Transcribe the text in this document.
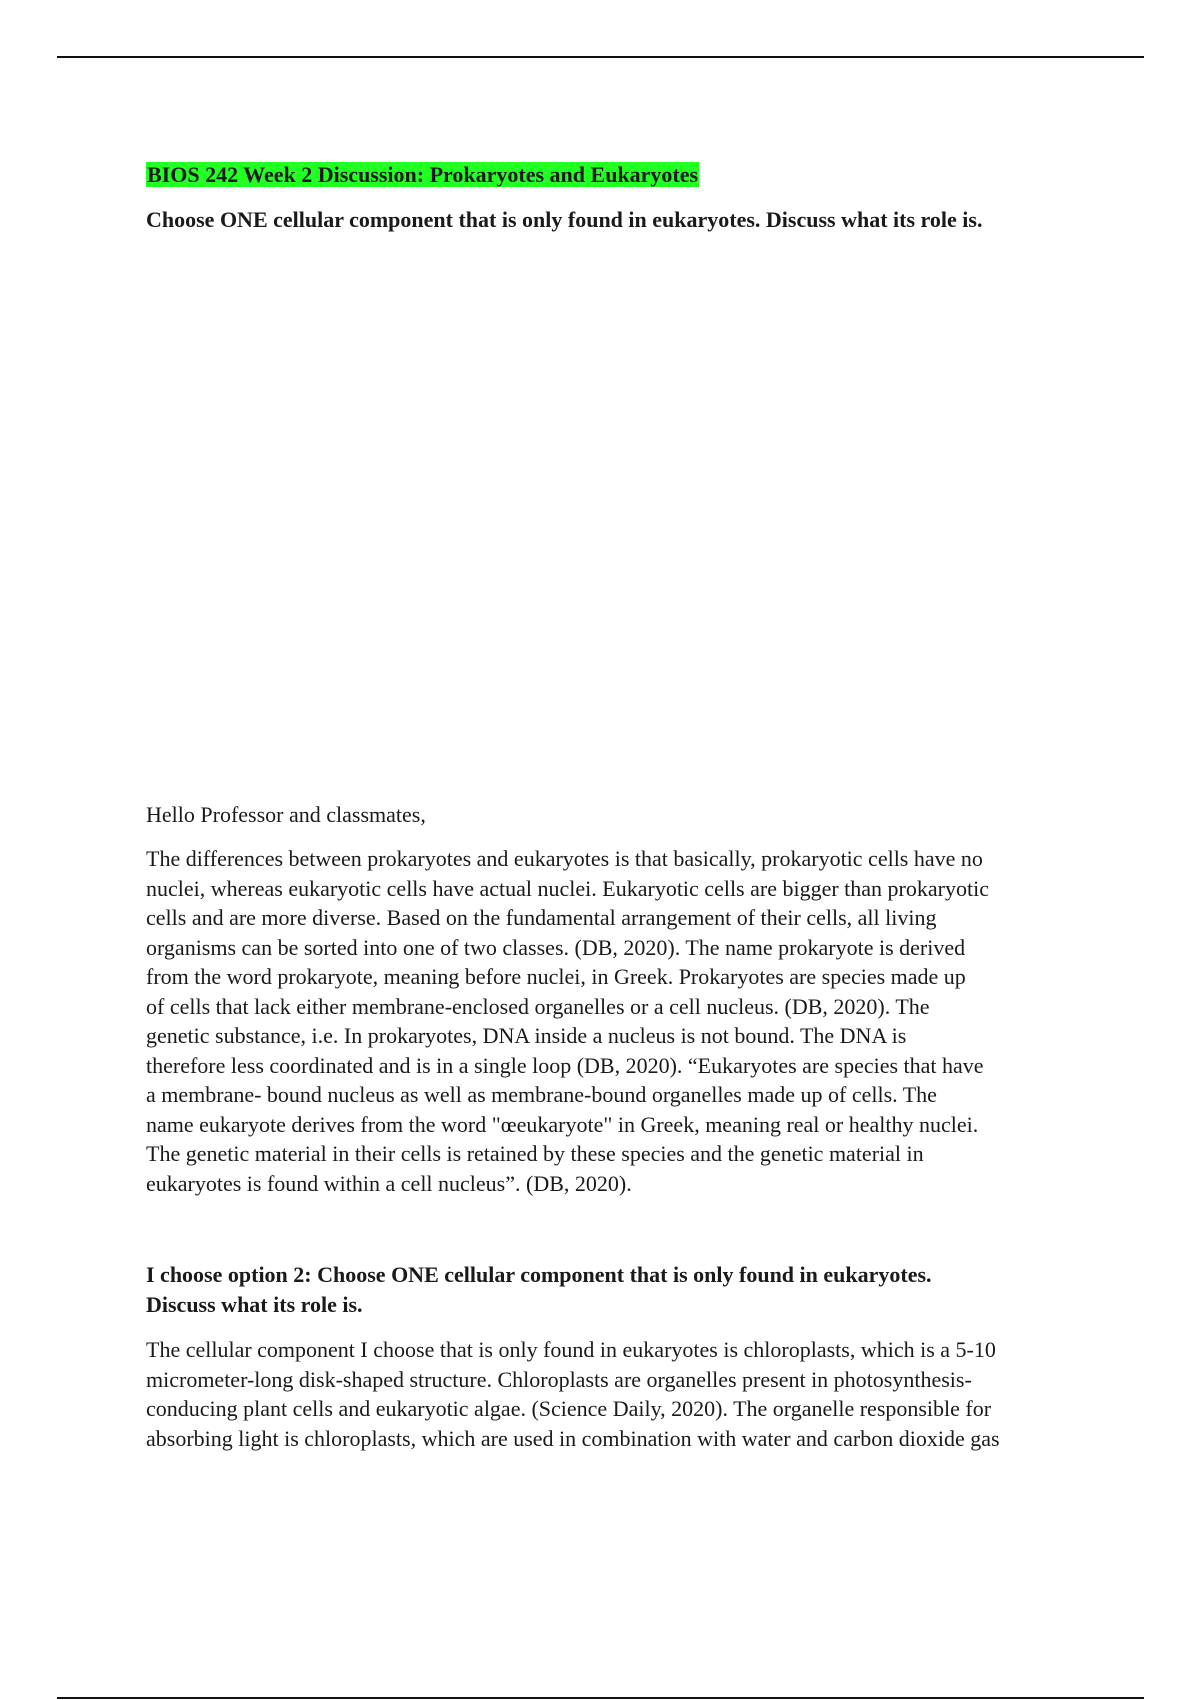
BIOS 242 Week 2 Discussion: Prokaryotes and Eukaryotes

Choose ONE cellular component that is only found in eukaryotes. Discuss what its role is.

Hello Professor and classmates,

The differences between prokaryotes and eukaryotes is that basically, prokaryotic cells have no
nuclei, whereas eukaryotic cells have actual nuclei. Eukaryotic cells are bigger than prokaryotic
cells and are more diverse. Based on the fundamental arrangement of their cells, all living
organisms can be sorted into one of two classes. (DB, 2020). The name prokaryote is derived
from the word prokaryote, meaning before nuclei, in Greek. Prokaryotes are species made up
of cells that lack either membrane-enclosed organelles or a cell nucleus. (DB, 2020). The
genetic substance, i.e. In prokaryotes, DNA inside a nucleus is not bound. The DNA is
therefore less coordinated and is in a single loop (DB, 2020). “Eukaryotes are species that have
a membrane- bound nucleus as well as membrane-bound organelles made up of cells. The
name eukaryote derives from the word "œeukaryote" in Greek, meaning real or healthy nuclei.
The genetic material in their cells is retained by these species and the genetic material in
eukaryotes is found within a cell nucleus”. (DB, 2020).

I choose option 2: Choose ONE cellular component that is only found in eukaryotes.
Discuss what its role is.

The cellular component I choose that is only found in eukaryotes is chloroplasts, which is a 5-10
micrometer-long disk-shaped structure. Chloroplasts are organelles present in photosynthesis-
conducing plant cells and eukaryotic algae. (Science Daily, 2020). The organelle responsible for
absorbing light is chloroplasts, which are used in combination with water and carbon dioxide gas
